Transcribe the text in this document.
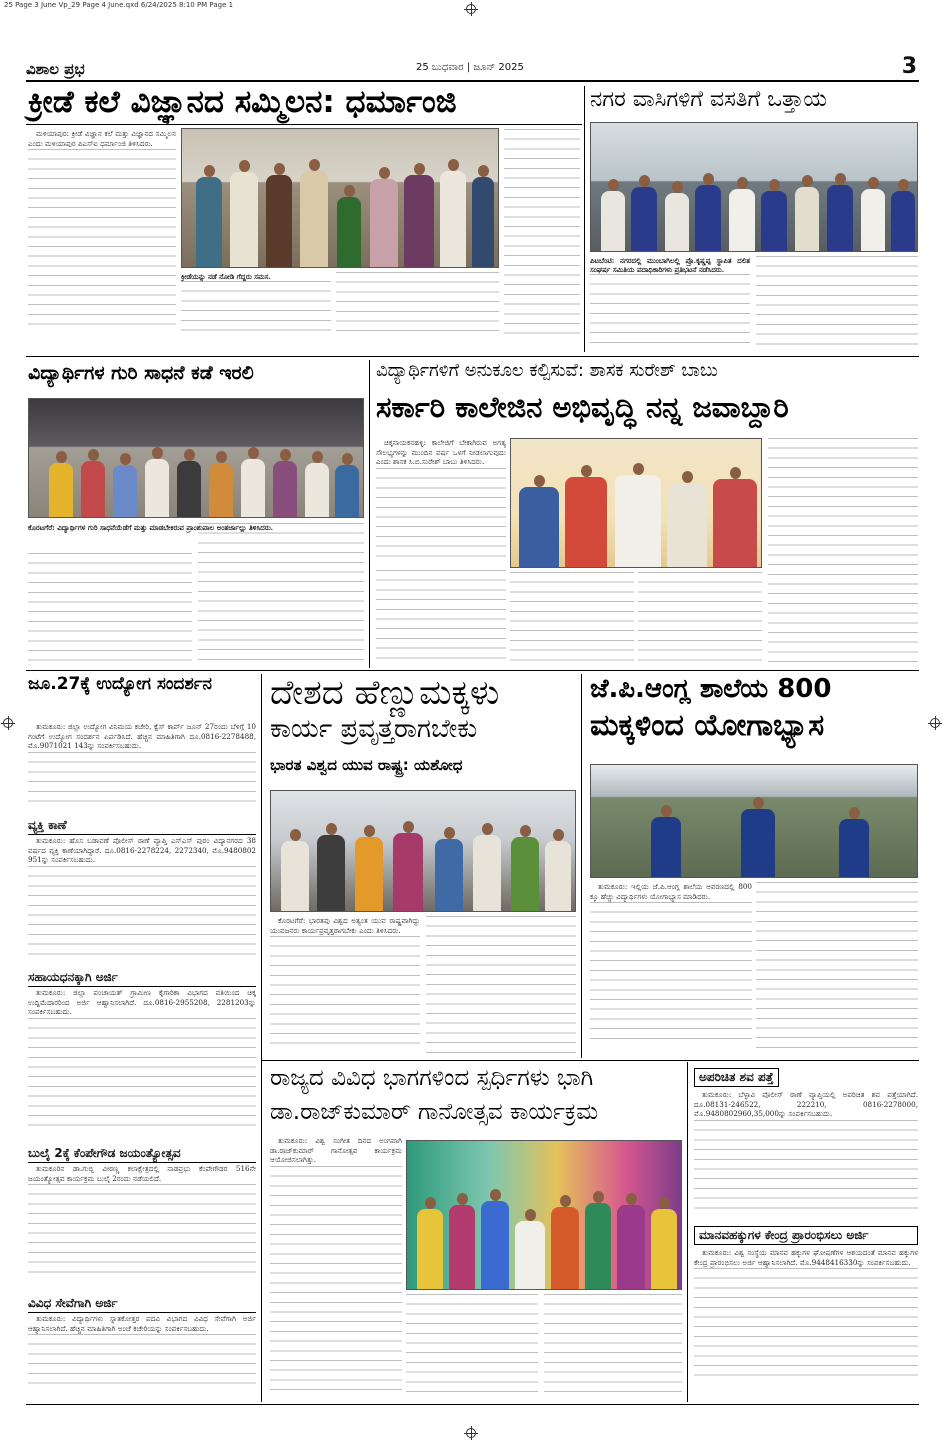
25 Page 3 June Vp_29 Page 4 June.qxd 6/24/2025 8:10 PM Page 1
ವಿಶಾಲ ಪ್ರಭ	25 ಬುಧವಾರ | ಜೂನ್ 2025	3
ಕ್ರೀಡೆ ಕಲೆ ವಿಜ್ಞಾನದ ಸಮ್ಮಿಲನ: ಧರ್ಮಾಂಜಿ

ಮಳಿಯಾಪುರ: ಕ್ರೀಡೆ ವಿಜ್ಞಾನ ಕಲೆ ಮತ್ತು ವಿಜ್ಞಾನದ ಸಮ್ಮಿಲನ ಎಂದು ಮಳಿಯಾಪುರ ಪಿಎಸ್‌ಐ ಧರ್ಮಾಂಜಿ ತಿಳಿಸಿದರು.

ಕ್ರೀಡೆಯನ್ನು ನಡೆ ನೋಡಿ ಗೆದ್ದರು ಸಮಸ.
ನಗರ ವಾಸಿಗಳಿಗೆ ವಸತಿಗೆ ಒತ್ತಾಯ
ಪಿಟಬೆಂಟಿ: ನಗರದಲ್ಲಿ ಮುಂಬಾಗಿಲಲ್ಲಿ ಪ್ರೊ.ಕೃಷ್ಣಪ್ಪ ಸ್ಥಾಪಿತ ದಲಿತ ಸಂಘರ್ಷ ಸಮಿತಿಯ ಪದಾಧಿಕಾರಿಗಳು ಪ್ರತಿಭಟನೆ ನಡೆಸಿದರು.
ವಿದ್ಯಾರ್ಥಿಗಳ ಗುರಿ ಸಾಧನೆ ಕಡೆ ಇರಲಿ
ಕೊರಟಗೆರೆ: ವಿದ್ಯಾರ್ಥಿಗಳ ಗುರಿ ಸಾಧನೆಯೆಡೆಗೆ ಮತ್ತು ಮಾಡಬೇಕಿರುವ ಪ್ರಾಂಶುಪಾಲ ಅಂತರ್ಜಾಲ್ಲು ತಿಳಿಸಿದರು.
ವಿದ್ಯಾರ್ಥಿಗಳಿಗೆ ಅನುಕೂಲ ಕಲ್ಪಿಸುವೆ: ಶಾಸಕ ಸುರೇಶ್ ಬಾಬು
ಸರ್ಕಾರಿ ಕಾಲೇಜಿನ ಅಭಿವೃದ್ಧಿ ನನ್ನ ಜವಾಬ್ದಾರಿ

ಚಿಕ್ಕನಾಯಕನಹಳ್ಳಿ: ಕಾಲೇಜಿಗೆ ಬೇಕಾಗಿರುವ ಅಗತ್ಯ ಸೌಲಭ್ಯಗಳನ್ನು ಮುಂದಿನ ವರ್ಷ ಒಳಗೆ ನೀಡಲಾಗುವುದು ಎಂದು ಶಾಸಕ ಸಿ.ಬಿ.ಸುರೇಶ್ ಬಾಬು ತಿಳಿಸಿದರು.

ಜೂ.27ಕ್ಕೆ ಉದ್ಯೋಗ ಸಂದರ್ಶನ

ತುಮಕೂರು: ಜಿಲ್ಲಾ ಉದ್ಯೋಗ ವಿನಿಮಯ ಕಚೇರಿ, ಕ್ವೆಸ್ ಕಾರ್ಪ್ ಜೂನ್ 27ರಂದು ಬೆಳಿಗ್ಗೆ 10 ಗಂಟೆಗೆ ಉದ್ಯೋಗ ಸಂದರ್ಶನ ಏರ್ಪಡಿಸಿದೆ. ಹೆಚ್ಚಿನ ಮಾಹಿತಿಗಾಗಿ ದೂ.0816-2278488, ಮೊ.9071021 143ನ್ನು ಸಂಪರ್ಕಿಸಬಹುದು.

ವ್ಯಕ್ತಿ ಕಾಣೆ

ತುಮಕೂರು: ಹೊಸ ಬಡಾವಣೆ ಪೊಲೀಸ್ ಠಾಣೆ ವ್ಯಾಪ್ತಿ ಎಸ್‌ಎಸ್‌ ಪುರಂ ವಿದ್ಯಾನಗರದ 38 ವರ್ಷದ ವ್ಯಕ್ತಿ ಕಾಣೆಯಾಗಿದ್ದಾರೆ. ದೂ.0816-2278224, 2272340, ಮೊ.9480802 951ನ್ನು ಸಂಪರ್ಕಿಸಬಹುದು.

ಸಹಾಯಧನಕ್ಕಾಗಿ ಅರ್ಜಿ

ತುಮಕೂರು: ಜಿಲ್ಲಾ ಪಂಚಾಯತ್‌ ಗ್ರಾಮೀಣ ಕೈಗಾರಿಕಾ ವಿಭಾಗದ ವತಿಯಿಂದ ಚಿಕ್ಕ ಉದ್ದಿಮೆದಾರರಿಂದ ಅರ್ಜಿ ಆಹ್ವಾನಿಸಲಾಗಿದೆ. ದೂ.0816-2955208, 2281203ನ್ನು ಸಂಪರ್ಕಿಸಬಹುದು.

ಬುಲೈ 2ಕ್ಕೆ ಕೆಂಪೇಗೌಡ ಜಯಂತ್ಯೋತ್ಸವ

ತುಮಕೂರಿನ ಡಾ.ಗುಬ್ಬಿ ವೀರಣ್ಣ ಕಲಾಕ್ಷೇತ್ರದಲ್ಲಿ ನಾಡಪ್ರಭು ಕೆಂಪೇಗೌಡರ 516ನೇ ಜಯಂತ್ಯೋತ್ಸವ ಕಾರ್ಯಕ್ರಮ ಬುಲೈ 2ರಂದು ನಡೆಯಲಿದೆ.

ವಿವಿಧ ಸೇವೆಗಾಗಿ ಅರ್ಜಿ

ತುಮಕೂರು: ವಿದ್ಯಾರ್ಥಿಗಳು ಸ್ನಾತಕೋತ್ತರ ಪದವಿ ವಿಭಾಗದ ವಿವಿಧ ಸೇವೆಗಾಗಿ ಅರ್ಜಿ ಆಹ್ವಾನಿಸಲಾಗಿದೆ. ಹೆಚ್ಚಿನ ಮಾಹಿತಿಗಾಗಿ ಅಂಚೆ ಕಚೇರಿಯನ್ನು ಸಂಪರ್ಕಿಸಬಹುದು.

ದೇಶದ ಹೆಣ್ಣುಮಕ್ಕಳು
ಕಾರ್ಯ ಪ್ರವೃತ್ತರಾಗಬೇಕು
ಭಾರತ ವಿಶ್ವದ ಯುವ ರಾಷ್ಟ್ರ: ಯಶೋಧ

ಕೊರಟಗೆರೆ: ಭಾರತವು ವಿಶ್ವದ ಅತ್ಯಂತ ಯುವ ರಾಷ್ಟ್ರವಾಗಿದ್ದು ಯುವಜನರು ಕಾರ್ಯಪ್ರವೃತ್ತರಾಗಬೇಕು ಎಂದು ತಿಳಿಸಿದರು.

ಜೆ.ಪಿ.ಆಂಗ್ಲ ಶಾಲೆಯ 800
ಮಕ್ಕಳಿಂದ ಯೋಗಾಭ್ಯಾಸ

ತುಮಕೂರು: ಇಲ್ಲಿಯ ಜೆ.ಪಿ.ಆಂಗ್ಲ ಶಾಲೆಯ ಆವರಣದಲ್ಲಿ 800 ಕ್ಕೂ ಹೆಚ್ಚು ವಿದ್ಯಾರ್ಥಿಗಳು ಯೋಗಾಭ್ಯಾಸ ಮಾಡಿದರು.

ರಾಜ್ಯದ ವಿವಿಧ ಭಾಗಗಳಿಂದ ಸ್ಪರ್ಧಿಗಳು ಭಾಗಿ
ಡಾ.ರಾಜ್‌ಕುಮಾರ್ ಗಾನೋತ್ಸವ ಕಾರ್ಯಕ್ರಮ

ತುಮಕೂರು: ವಿಶ್ವ ಸಂಗೀತ ದಿನದ ಅಂಗವಾಗಿ ಡಾ.ರಾಜ್‌ಕುಮಾರ್ ಗಾನೋತ್ಸವ ಕಾರ್ಯಕ್ರಮ ಆಯೋಜಿಸಲಾಗಿತ್ತು.

ಅಪರಿಚಿತ ಶವ ಪತ್ತೆ

ತುಮಕೂರು: ಬೆಳ್ಳಾವಿ ಪೊಲೀಸ್ ಠಾಣೆ ವ್ಯಾಪ್ತಿಯಲ್ಲಿ ಅಪರಿಚಿತ ಶವ ಪತ್ತೆಯಾಗಿದೆ. ದೂ.08131-246522, 222210, 0816-2278000, ಮೊ.9480802960,35,000ನ್ನು ಸಂಪರ್ಕಿಸಬಹುದು.

ಮಾನವಹಕ್ಕುಗಳ ಕೇಂದ್ರ ಪ್ರಾರಂಭಿಸಲು ಅರ್ಜಿ

ತುಮಕೂರು: ವಿಶ್ವ ಸಂಸ್ಥೆಯ ಮಾನವ ಹಕ್ಕುಗಳ ಘೋಷಣೆಗಳ ಆಶಯದಂತೆ ಮಾನವ ಹಕ್ಕುಗಳ ಕೇಂದ್ರ ಪ್ರಾರಂಭಿಸಲು ಅರ್ಜಿ ಆಹ್ವಾನಿಸಲಾಗಿದೆ. ಮೊ.9448416330ನ್ನು ಸಂಪರ್ಕಿಸಬಹುದು.
